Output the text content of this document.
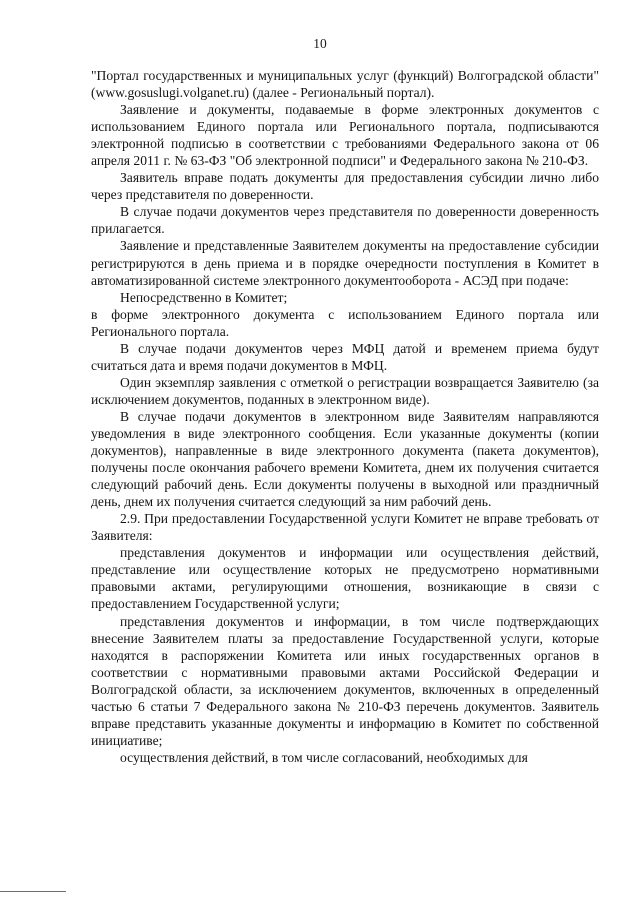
10

"Портал государственных и муниципальных услуг (функций) Волгоградской области" (www.gosuslugi.volganet.ru) (далее - Региональный портал).

Заявление и документы, подаваемые в форме электронных документов с использованием Единого портала или Регионального портала, подписываются электронной подписью в соответствии с требованиями Федерального закона от 06 апреля 2011 г. № 63-ФЗ "Об электронной подписи" и Федерального закона № 210-ФЗ.

Заявитель вправе подать документы для предоставления субсидии лично либо через представителя по доверенности.

В случае подачи документов через представителя по доверенности доверенность прилагается.

Заявление и представленные Заявителем документы на предоставление субсидии регистрируются в день приема и в порядке очередности поступления в Комитет в автоматизированной системе электронного документооборота - АСЭД при подаче:

Непосредственно в Комитет;

в форме электронного документа с использованием Единого портала или Регионального портала.

В случае подачи документов через МФЦ датой и временем приема будут считаться дата и время подачи документов в МФЦ.

Один экземпляр заявления с отметкой о регистрации возвращается Заявителю (за исключением документов, поданных в электронном виде).

В случае подачи документов в электронном виде Заявителям направляются уведомления в виде электронного сообщения. Если указанные документы (копии документов), направленные в виде электронного документа (пакета документов), получены после окончания рабочего времени Комитета, днем их получения считается следующий рабочий день. Если документы получены в выходной или праздничный день, днем их получения считается следующий за ним рабочий день.

2.9. При предоставлении Государственной услуги Комитет не вправе требовать от Заявителя:

представления документов и информации или осуществления действий, представление или осуществление которых не предусмотрено нормативными правовыми актами, регулирующими отношения, возникающие в связи с предоставлением Государственной услуги;

представления документов и информации, в том числе подтверждающих внесение Заявителем платы за предоставление Государственной услуги, которые находятся в распоряжении Комитета или иных государственных органов в соответствии с нормативными правовыми актами Российской Федерации и Волгоградской области, за исключением документов, включенных в определенный частью 6 статьи 7 Федерального закона № 210-ФЗ перечень документов. Заявитель вправе представить указанные документы и информацию в Комитет по собственной инициативе;

осуществления действий, в том числе согласований, необходимых для
